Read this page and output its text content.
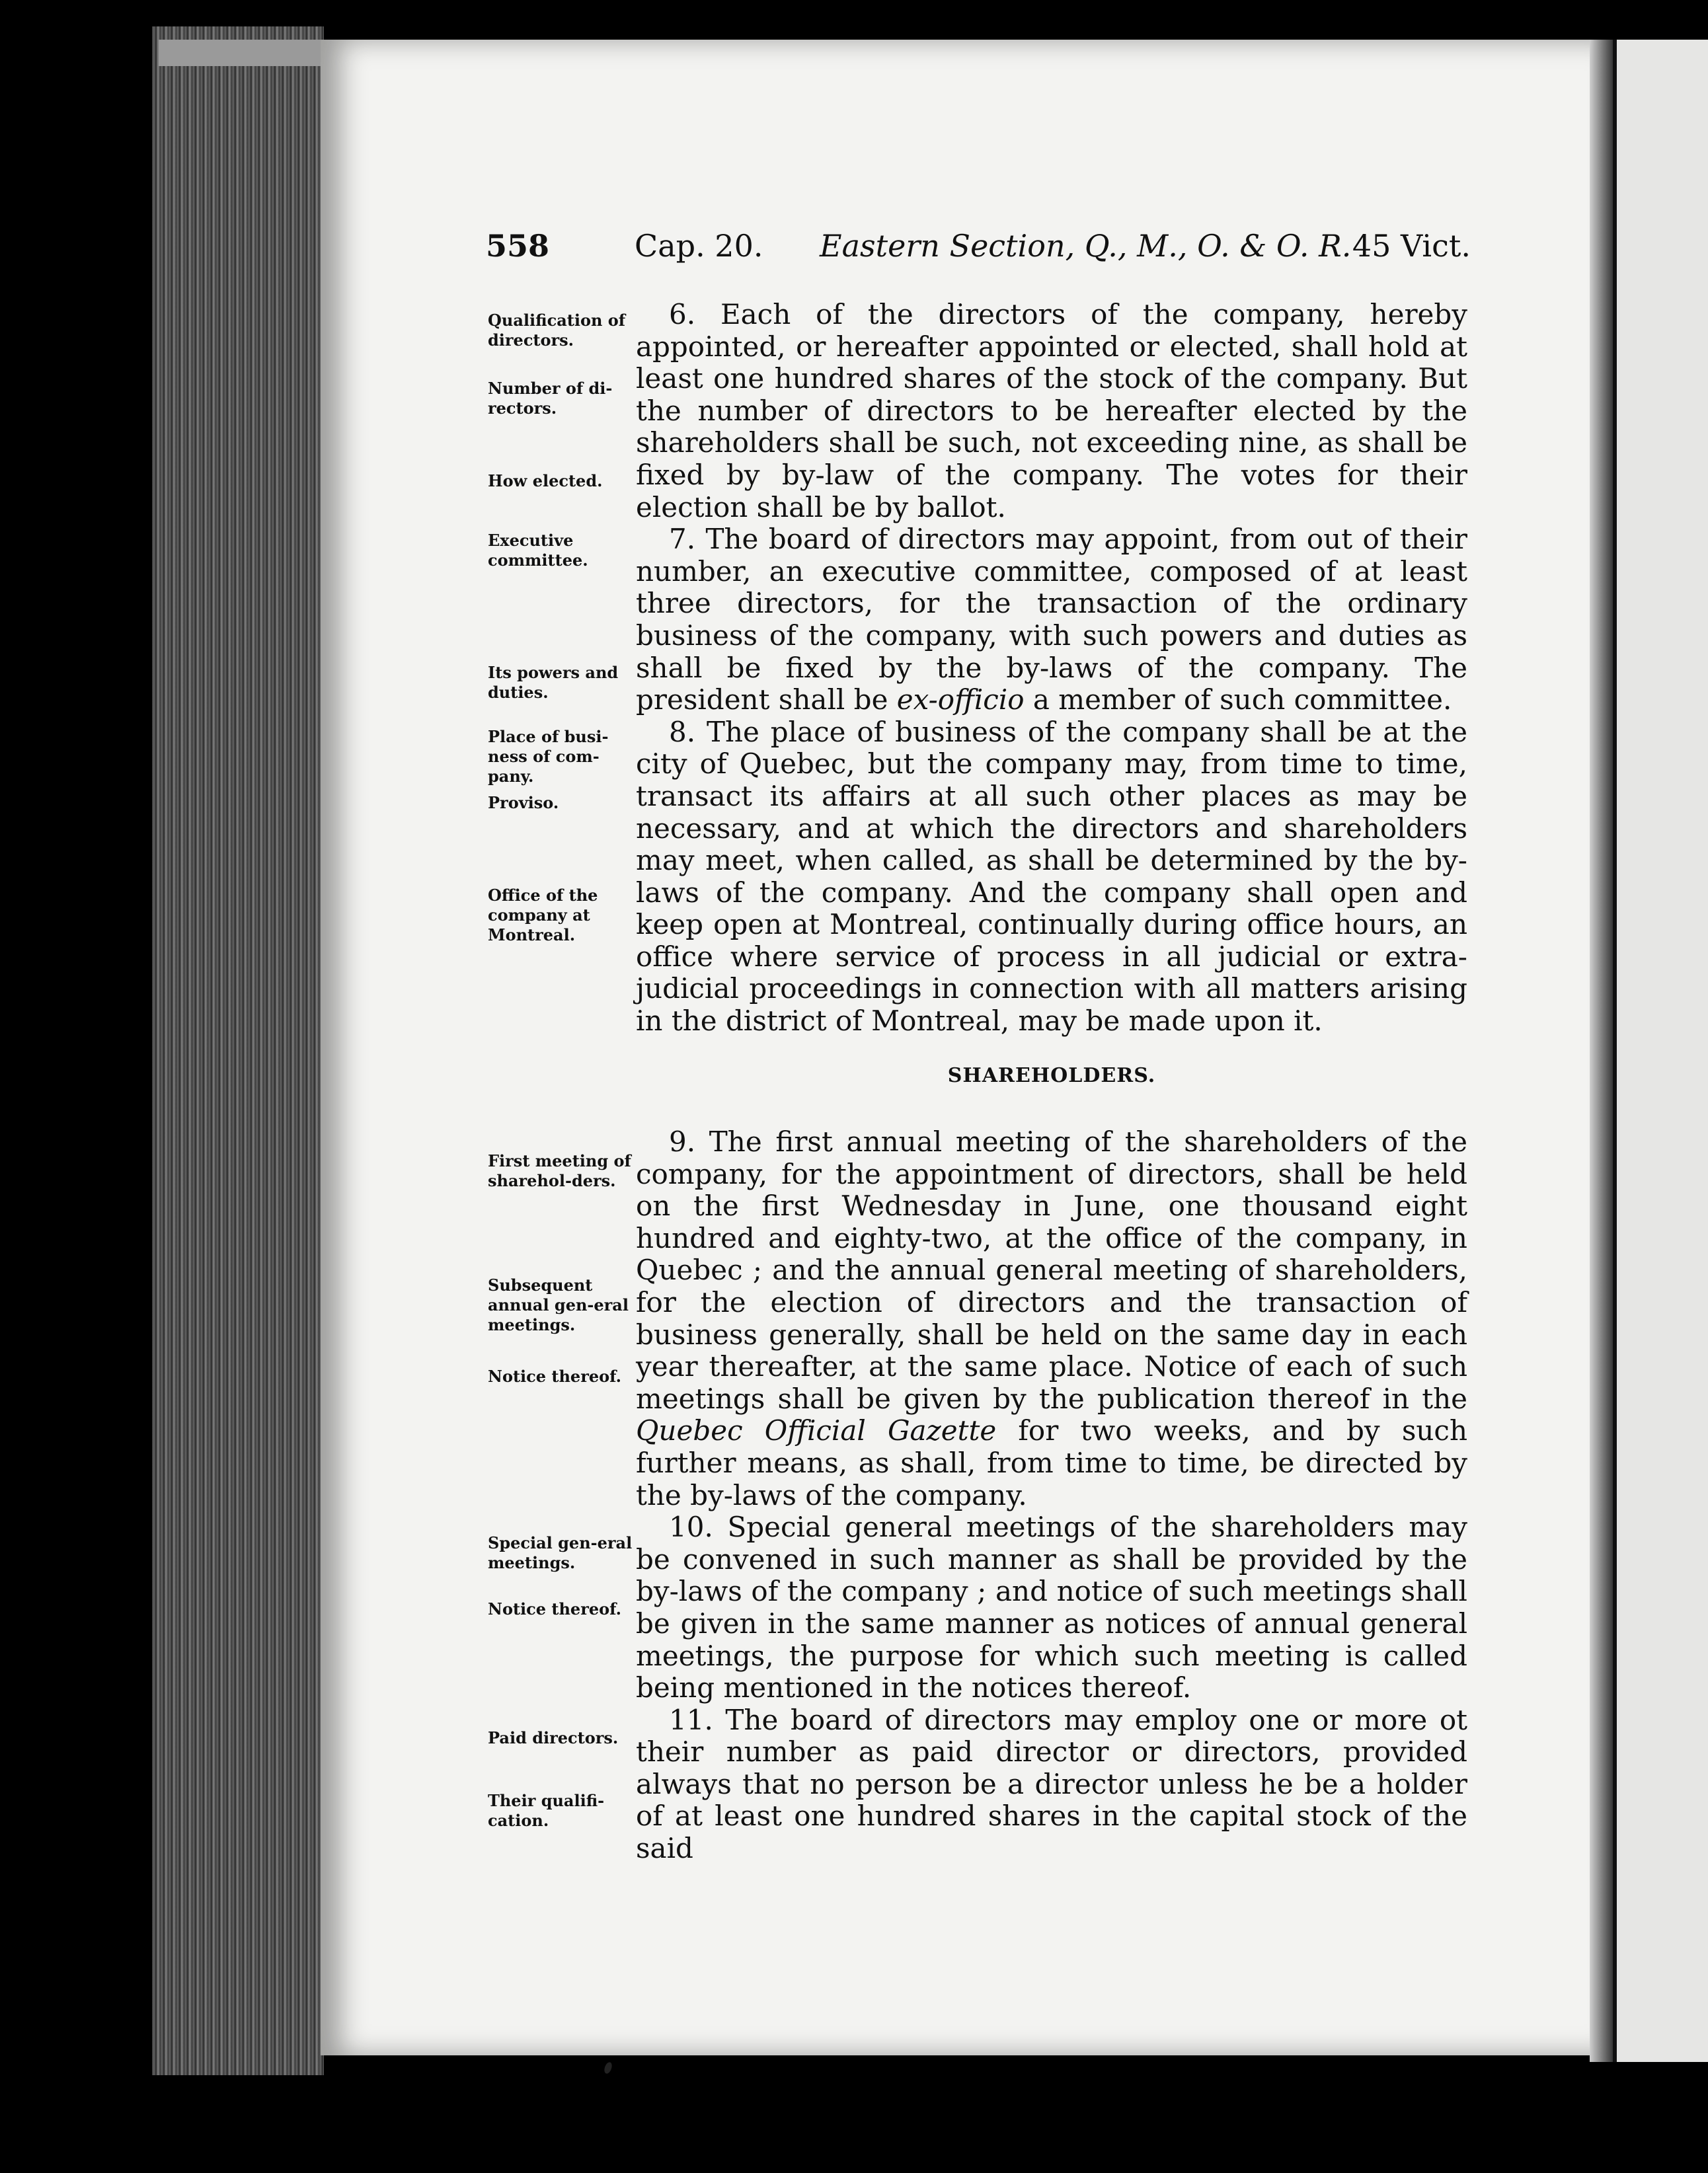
558	Cap. 20. Eastern Section, Q., M., O. & O. R. 45 Vict.
Qualification of directors.
Number of di-rectors.
How elected.
Executive committee.
Its powers and duties.
Place of busi-ness of com-pany.
Proviso.
Office of the company at Montreal.
First meeting of sharehol-ders.
Subsequent annual gen-eral meetings.
Notice thereof.
Special gen-eral meetings.
Notice thereof.
Paid directors.
Their qualifi-cation.
6. Each of the directors of the company, hereby appointed, or hereafter appointed or elected, shall hold at least one hundred shares of the stock of the company. But the number of directors to be hereafter elected by the shareholders shall be such, not exceeding nine, as shall be fixed by by-law of the company. The votes for their election shall be by ballot.
7. The board of directors may appoint, from out of their number, an executive committee, composed of at least three directors, for the transaction of the ordinary business of the company, with such powers and duties as shall be fixed by the by-laws of the company. The president shall be ex-officio a member of such committee.
8. The place of business of the company shall be at the city of Quebec, but the company may, from time to time, transact its affairs at all such other places as may be necessary, and at which the directors and shareholders may meet, when called, as shall be determined by the by-laws of the company. And the company shall open and keep open at Montreal, continually during office hours, an office where service of process in all judicial or extra-judicial proceedings in connection with all matters arising in the district of Montreal, may be made upon it.
SHAREHOLDERS.
9. The first annual meeting of the shareholders of the company, for the appointment of directors, shall be held on the first Wednesday in June, one thousand eight hundred and eighty-two, at the office of the company, in Quebec ; and the annual general meeting of shareholders, for the election of directors and the transaction of business generally, shall be held on the same day in each year thereafter, at the same place. Notice of each of such meetings shall be given by the publication thereof in the Quebec Official Gazette for two weeks, and by such further means, as shall, from time to time, be directed by the by-laws of the company.
10. Special general meetings of the shareholders may be convened in such manner as shall be provided by the by-laws of the company ; and notice of such meetings shall be given in the same manner as notices of annual general meetings, the purpose for which such meeting is called being mentioned in the notices thereof.
11. The board of directors may employ one or more ot their number as paid director or directors, provided always that no person be a director unless he be a holder of at least one hundred shares in the capital stock of the said
